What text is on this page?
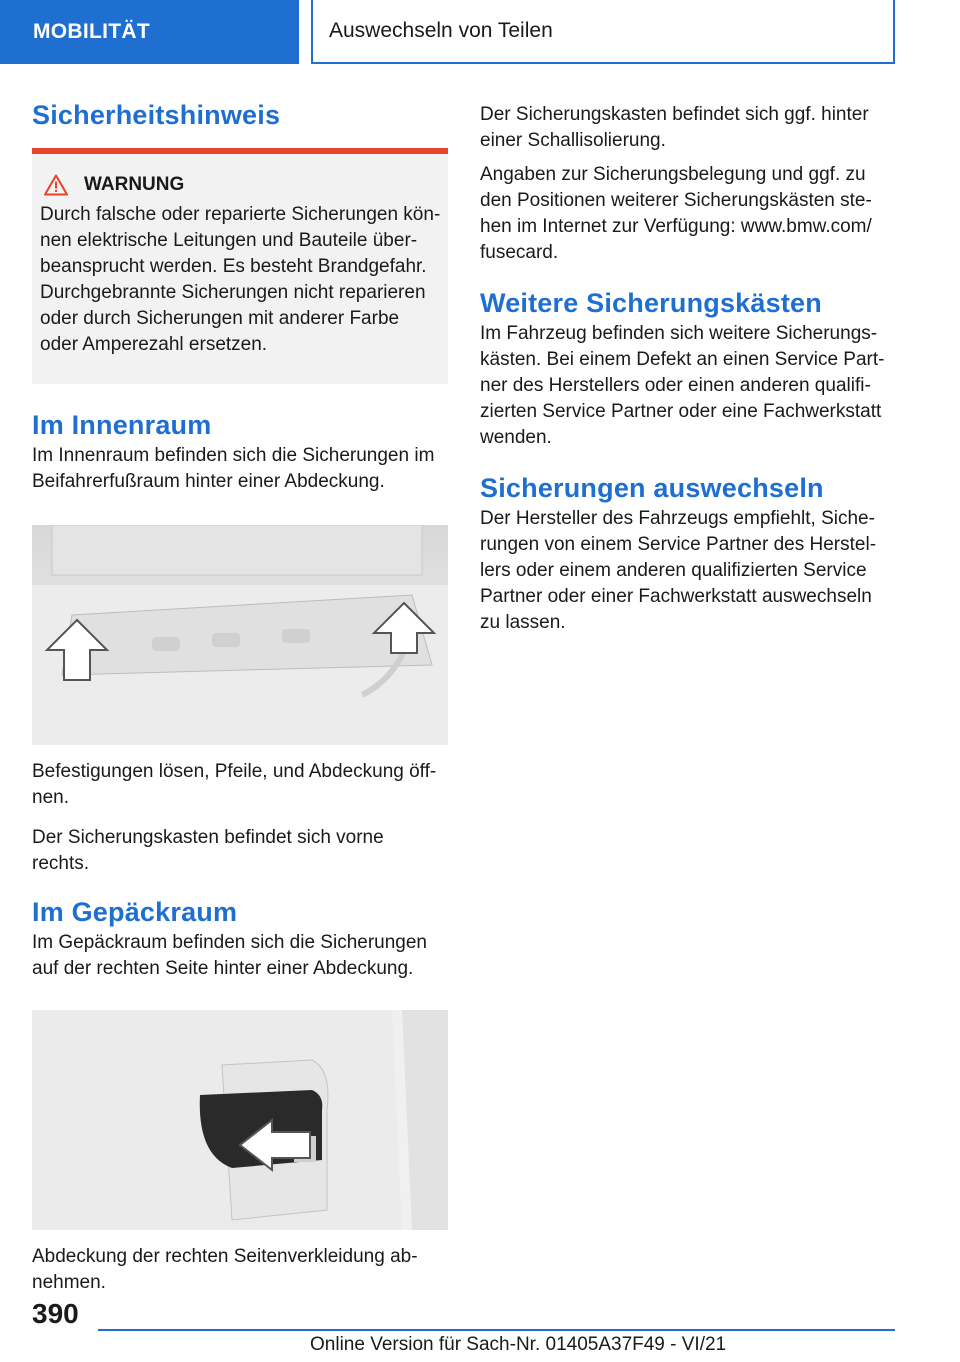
MOBILITÄT	Auswechseln von Teilen
Sicherheitshinweis
WARNUNG
Durch falsche oder reparierte Sicherungen kön-
nen elektrische Leitungen und Bauteile über-
beansprucht werden. Es besteht Brandgefahr.
Durchgebrannte Sicherungen nicht reparieren
oder durch Sicherungen mit anderer Farbe
oder Amperezahl ersetzen.
Im Innenraum

Im Innenraum befinden sich die Sicherungen im
Beifahrerfußraum hinter einer Abdeckung.

Befestigungen lösen, Pfeile, und Abdeckung öff-
nen.

Der Sicherungskasten befindet sich vorne
rechts.

Im Gepäckraum

Im Gepäckraum befinden sich die Sicherungen
auf der rechten Seite hinter einer Abdeckung.

Abdeckung der rechten Seitenverkleidung ab-
nehmen.

Der Sicherungskasten befindet sich ggf. hinter
einer Schallisolierung.

Angaben zur Sicherungsbelegung und ggf. zu
den Positionen weiterer Sicherungskästen ste-
hen im Internet zur Verfügung: www.bmw.com/
fusecard.

Weitere Sicherungskästen

Im Fahrzeug befinden sich weitere Sicherungs-
kästen. Bei einem Defekt an einen Service Part-
ner des Herstellers oder einen anderen qualifi-
zierten Service Partner oder eine Fachwerkstatt
wenden.

Sicherungen auswechseln

Der Hersteller des Fahrzeugs empfiehlt, Siche-
rungen von einem Service Partner des Herstel-
lers oder einem anderen qualifizierten Service
Partner oder einer Fachwerkstatt auswechseln
zu lassen.

390
Online Version für Sach-Nr. 01405A37F49 - VI/21
